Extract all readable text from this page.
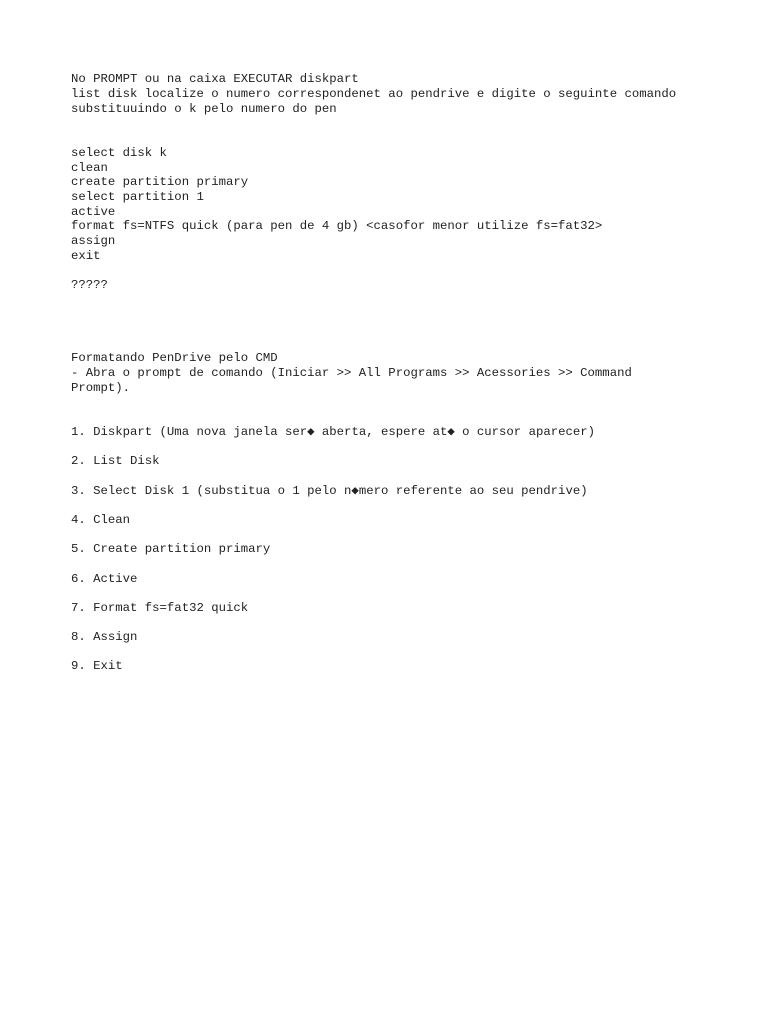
No PROMPT ou na caixa EXECUTAR diskpart
list disk localize o numero correspondenet ao pendrive e digite o seguinte comando
substituuindo o k pelo numero do pen
select disk k
clean
create partition primary
select partition 1
active
format fs=NTFS quick (para pen de 4 gb) <casofor menor utilize fs=fat32>
assign
exit
?????
Formatando PenDrive pelo CMD
- Abra o prompt de comando (Iniciar >> All Programs >> Acessories >> Command
Prompt).
1. Diskpart (Uma nova janela ser◆ aberta, espere at◆ o cursor aparecer)
2. List Disk
3. Select Disk 1 (substitua o 1 pelo n◆mero referente ao seu pendrive)
4. Clean
5. Create partition primary
6. Active
7. Format fs=fat32 quick
8. Assign
9. Exit
